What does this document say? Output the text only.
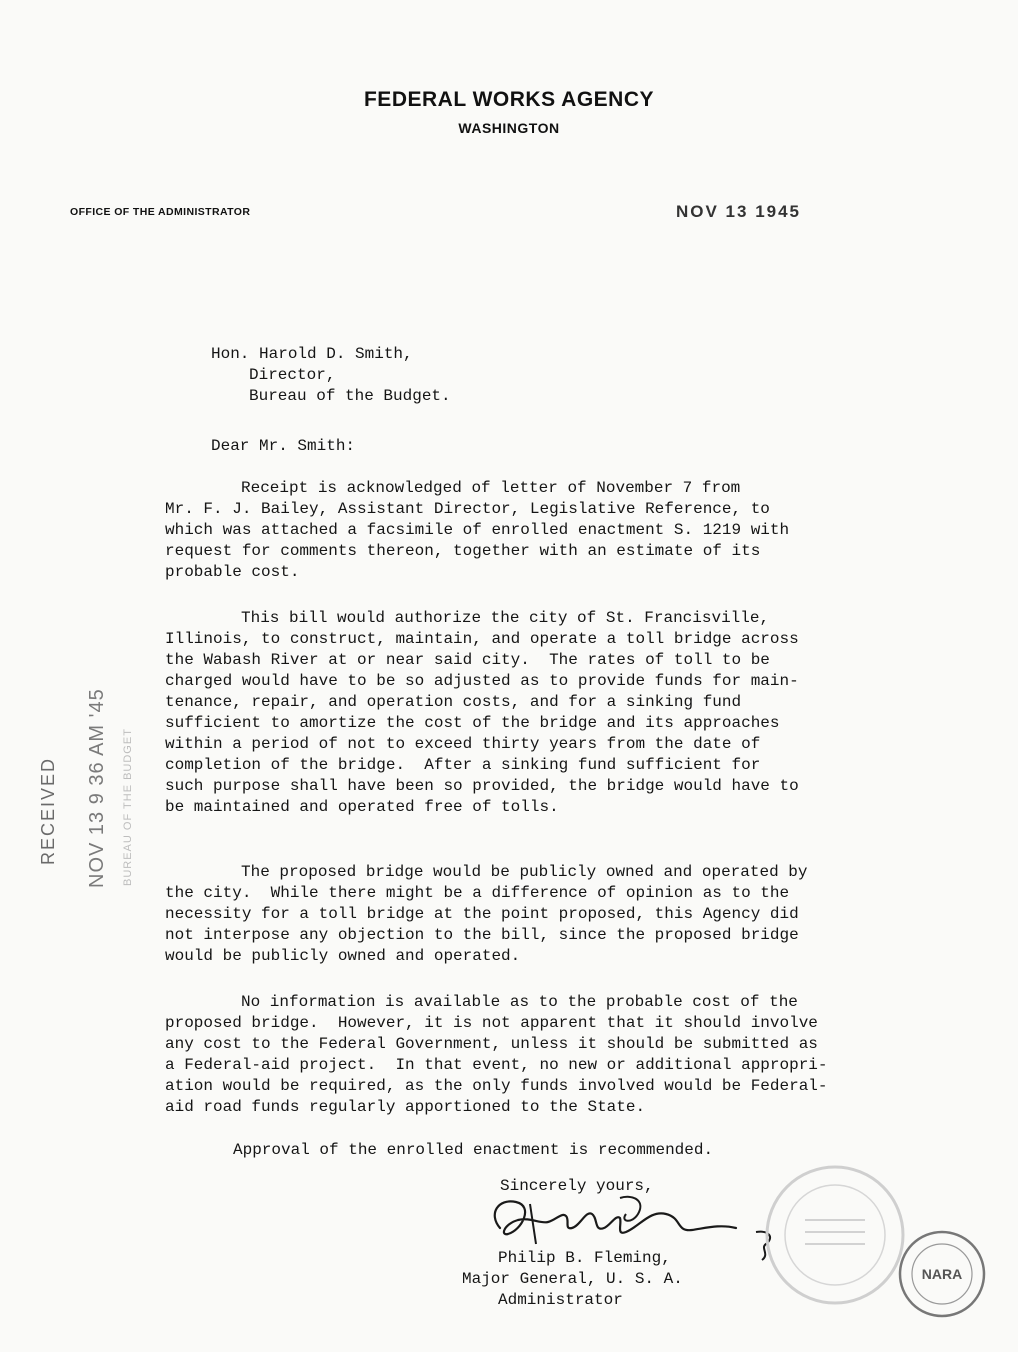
FEDERAL WORKS AGENCY
WASHINGTON
OFFICE OF THE ADMINISTRATOR	NOV 13 1945
Hon. Harold D. Smith,
Director,
Bureau of the Budget.
Dear Mr. Smith:
Receipt is acknowledged of letter of November 7 from
Mr. F. J. Bailey, Assistant Director, Legislative Reference, to
which was attached a facsimile of enrolled enactment S. 1219 with
request for comments thereon, together with an estimate of its
probable cost.
This bill would authorize the city of St. Francisville,
Illinois, to construct, maintain, and operate a toll bridge across
the Wabash River at or near said city.  The rates of toll to be
charged would have to be so adjusted as to provide funds for main-
tenance, repair, and operation costs, and for a sinking fund
sufficient to amortize the cost of the bridge and its approaches
within a period of not to exceed thirty years from the date of
completion of the bridge.  After a sinking fund sufficient for
such purpose shall have been so provided, the bridge would have to
be maintained and operated free of tolls.
The proposed bridge would be publicly owned and operated by
the city.  While there might be a difference of opinion as to the
necessity for a toll bridge at the point proposed, this Agency did
not interpose any objection to the bill, since the proposed bridge
would be publicly owned and operated.
No information is available as to the probable cost of the
proposed bridge.  However, it is not apparent that it should involve
any cost to the Federal Government, unless it should be submitted as
a Federal-aid project.  In that event, no new or additional appropri-
ation would be required, as the only funds involved would be Federal-
aid road funds regularly apportioned to the State.
Approval of the enrolled enactment is recommended.
Sincerely yours,
Philip B. Fleming,
Major General, U. S. A.
Administrator
RECEIVED NOV 13 9 36 AM '45 BUREAU OF THE BUDGET
NARA
